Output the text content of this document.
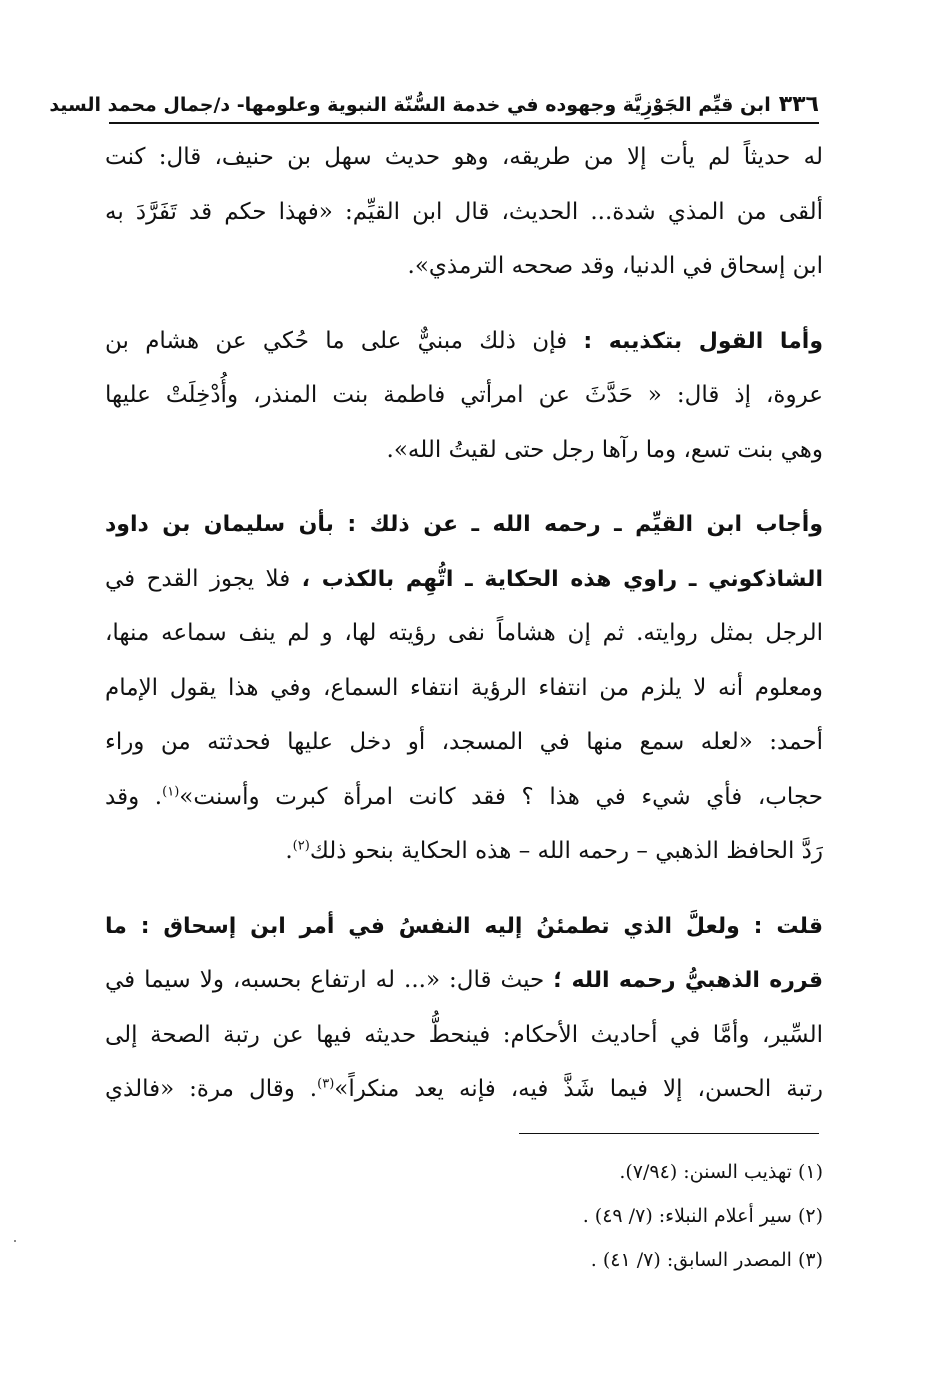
٣٣٦
ابن قيِّم الجَوْزِيَّة وجهوده في خدمة السُّنّة النبوية وعلومها- د/جمال محمد السيد
له حديثاً لم يأت إلا من طريقه، وهو حديث سهل بن حنيف، قال: كنت
ألقى من المذي شدة... الحديث، قال ابن القيِّم: «فهذا حكم قد تَفَرَّدَ به
ابن إسحاق في الدنيا، وقد صححه الترمذي».
وأما القول بتكذيبه : فإن ذلك مبنيٌّ على ما حُكي عن هشام بن
عروة، إذ قال: « حَدَّثَ عن امرأتي فاطمة بنت المنذر، وأُدْخِلَتْ عليها
وهي بنت تسع، وما رآها رجل حتى لقيتُ الله».
وأجاب ابن القيِّم ـ رحمه الله ـ عن ذلك : بأن سليمان بن داود
الشاذكوني ـ راوي هذه الحكاية ـ اتُّهِم بالكذب ، فلا يجوز القدح في
الرجل بمثل روايته. ثم إن هشاماً نفى رؤيته لها، و لم ينف سماعه منها،
ومعلوم أنه لا يلزم من انتفاء الرؤية انتفاء السماع، وفي هذا يقول الإمام
أحمد: «لعله سمع منها في المسجد، أو دخل عليها فحدثته من وراء
حجاب، فأي شيء في هذا ؟ فقد كانت امرأة كبرت وأسنت»$^{(١)}$. وقد
رَدَّ الحافظ الذهبي – رحمه الله – هذه الحكاية بنحو ذلك$^{(٢)}$.
قلت : ولعلَّ الذي تطمئنُ إليه النفسُ في أمر ابن إسحاق : ما
قرره الذهبيُّ رحمه الله ؛ حيث قال: «... له ارتفاع بحسبه، ولا سيما في
السِّير، وأمَّا في أحاديث الأحكام: فينحطُّ حديثه فيها عن رتبة الصحة إلى
رتبة الحسن، إلا فيما شَذَّ فيه، فإنه يعد منكراً»$^{(٣)}$. وقال مرة: «فالذي
(١) تهذيب السنن: (٧/٩٤).
(٢) سير أعلام النبلاء: (٧/ ٤٩) .
(٣) المصدر السابق: (٧/ ٤١) .
